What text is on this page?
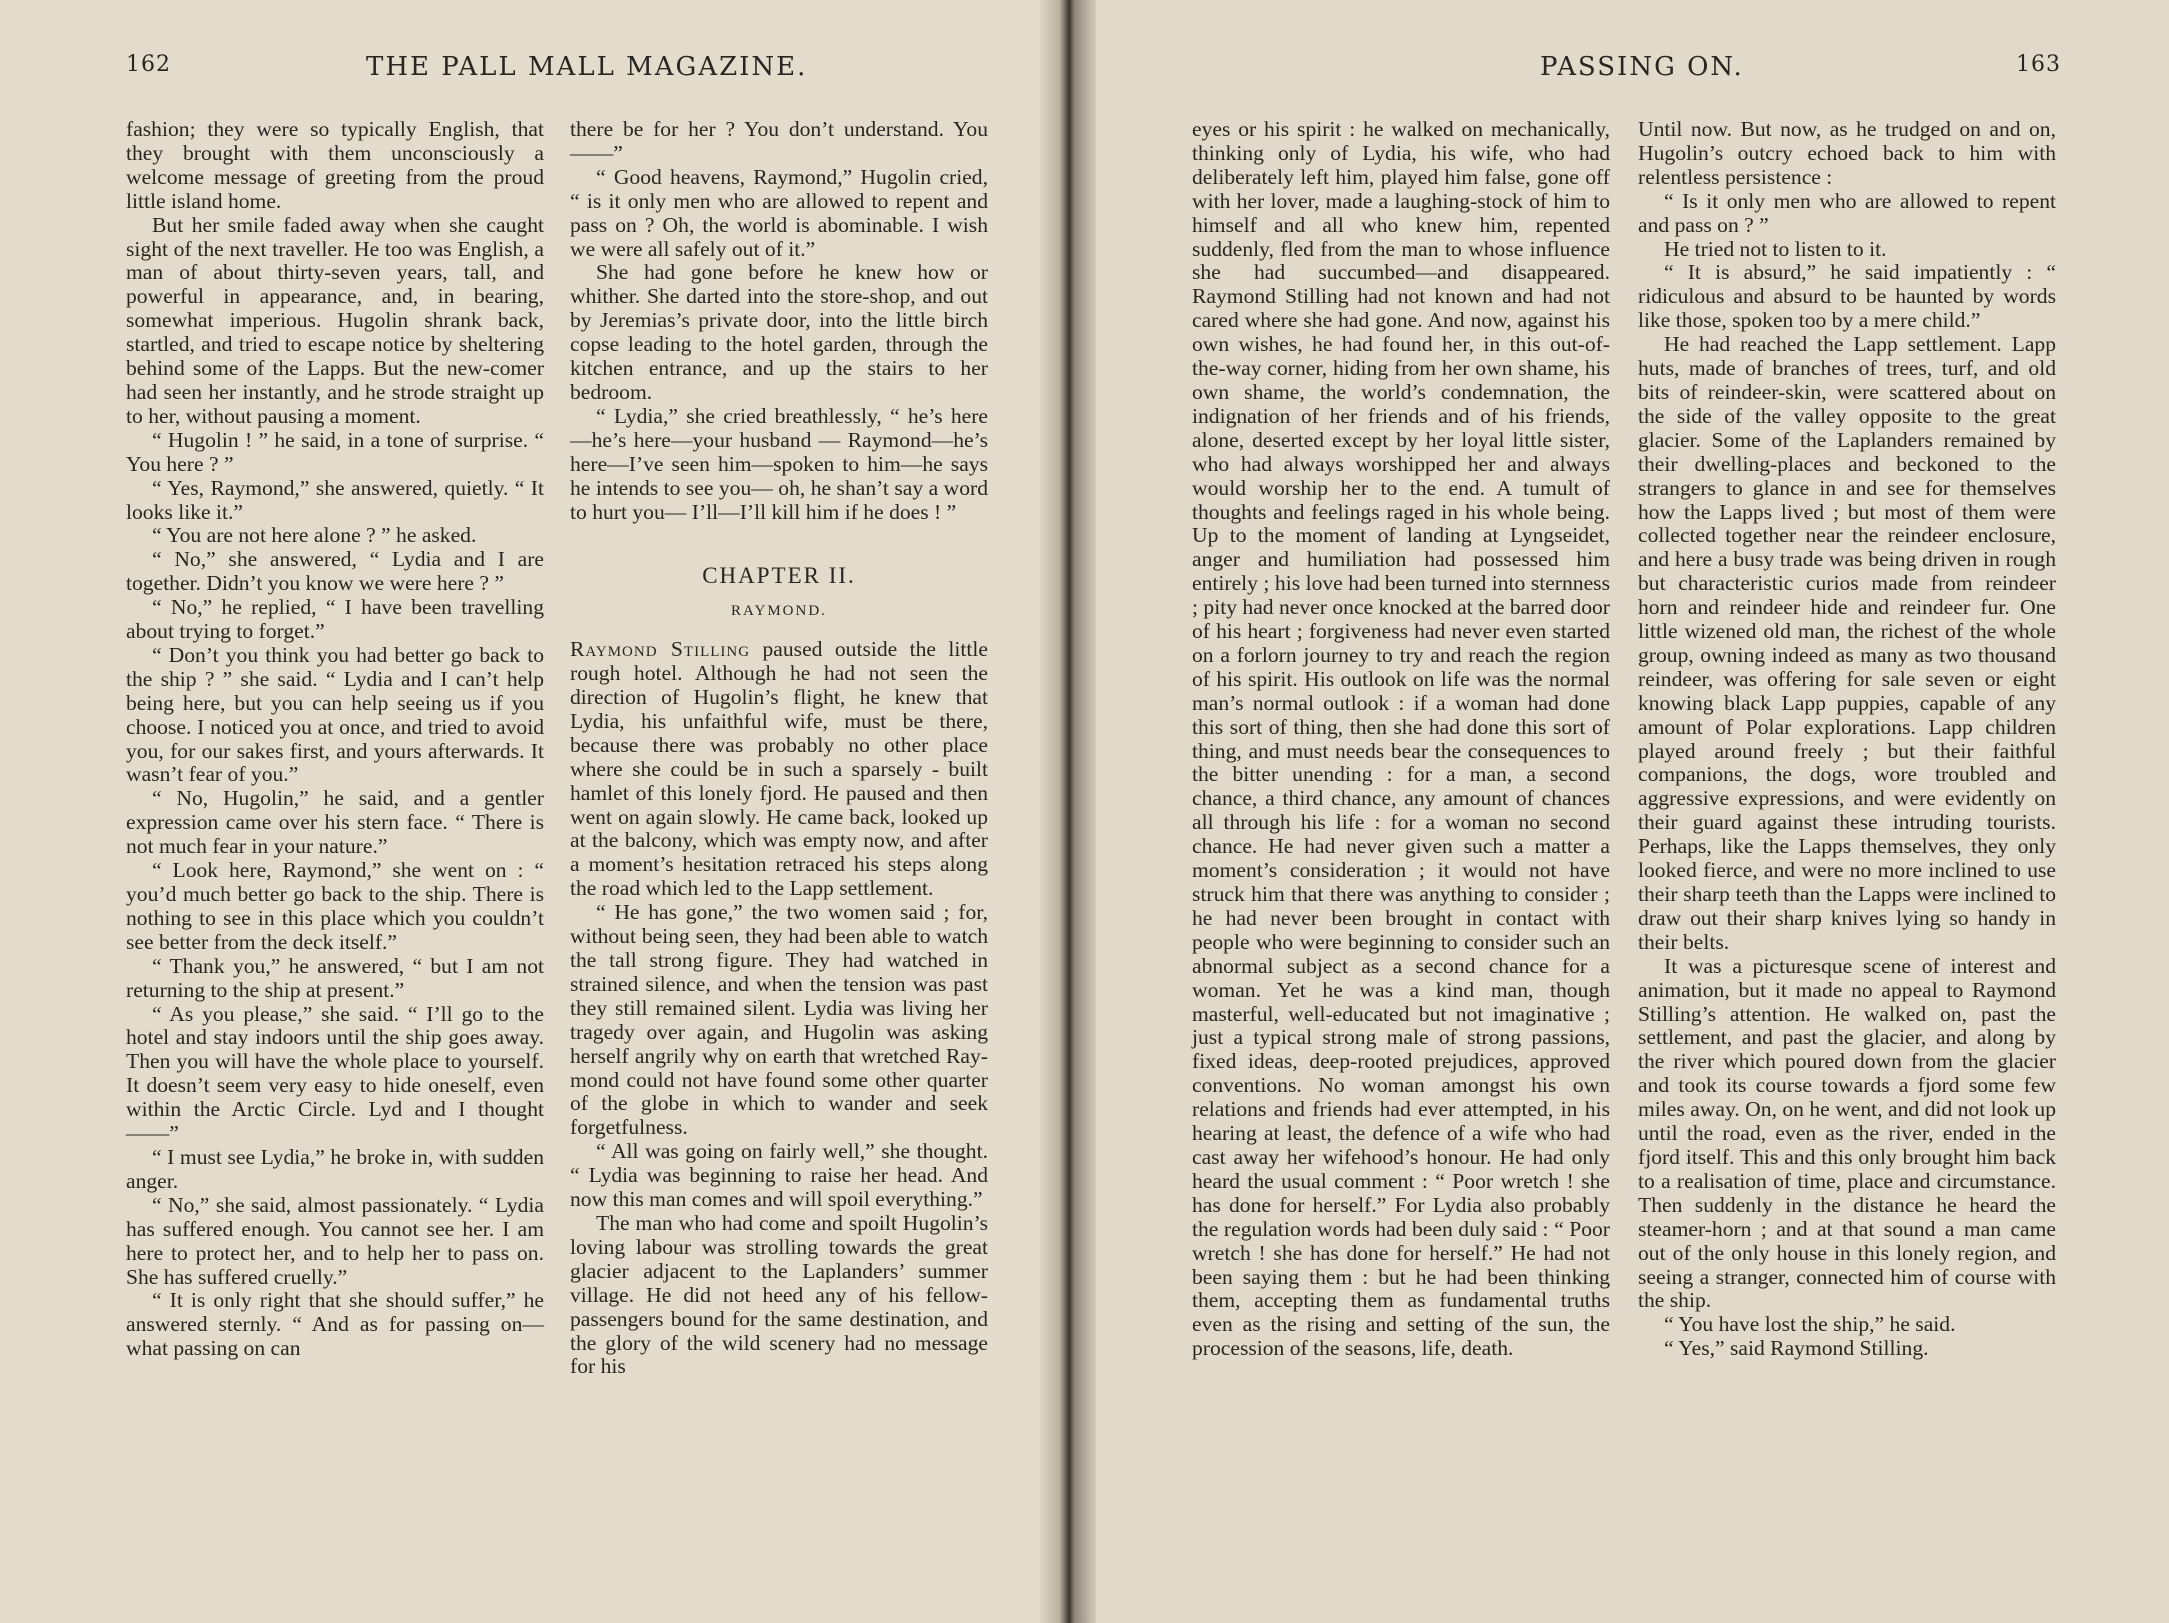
162	THE PALL MALL MAGAZINE.

fashion; they were so typically English, that they brought with them unconsciously a welcome message of greeting from the proud little island home.

But her smile faded away when she caught sight of the next traveller. He too was English, a man of about thirty-seven years, tall, and powerful in appearance, and, in bearing, somewhat imperious. Hugolin shrank back, startled, and tried to escape notice by sheltering behind some of the Lapps. But the new-comer had seen her instantly, and he strode straight up to her, without pausing a moment.

“ Hugolin ! ” he said, in a tone of surprise. “ You here ? ”

“ Yes, Raymond,” she answered, quietly. “ It looks like it.”

“ You are not here alone ? ” he asked.

“ No,” she answered, “ Lydia and I are together. Didn’t you know we were here ? ”

“ No,” he replied, “ I have been travelling about trying to forget.”

“ Don’t you think you had better go back to the ship ? ” she said. “ Lydia and I can’t help being here, but you can help seeing us if you choose. I noticed you at once, and tried to avoid you, for our sakes first, and yours afterwards. It wasn’t fear of you.”

“ No, Hugolin,” he said, and a gentler expression came over his stern face. “ There is not much fear in your nature.”

“ Look here, Raymond,” she went on : “ you’d much better go back to the ship. There is nothing to see in this place which you couldn’t see better from the deck itself.”

“ Thank you,” he answered, “ but I am not returning to the ship at present.”

“ As you please,” she said. “ I’ll go to the hotel and stay indoors until the ship goes away. Then you will have the whole place to yourself. It doesn’t seem very easy to hide oneself, even within the Arctic Circle. Lyd and I thought——”

“ I must see Lydia,” he broke in, with sudden anger.

“ No,” she said, almost passionately. “ Lydia has suffered enough. You cannot see her. I am here to protect her, and to help her to pass on. She has suffered cruelly.”

“ It is only right that she should suffer,” he answered sternly. “ And as for passing on—what passing on can

there be for her ? You don’t understand. You——”

“ Good heavens, Raymond,” Hugolin cried, “ is it only men who are allowed to repent and pass on ? Oh, the world is abominable. I wish we were all safely out of it.”

She had gone before he knew how or whither. She darted into the store-shop, and out by Jeremias’s private door, into the little birch copse leading to the hotel garden, through the kitchen entrance, and up the stairs to her bedroom.

“ Lydia,” she cried breathlessly, “ he’s here—he’s here—your husband — Raymond—he’s here—I’ve seen him—spoken to him—he says he intends to see you— oh, he shan’t say a word to hurt you— I’ll—I’ll kill him if he does ! ”

CHAPTER II.
RAYMOND.

Raymond Stilling paused outside the little rough hotel. Although he had not seen the direction of Hugolin’s flight, he knew that Lydia, his unfaithful wife, must be there, because there was probably no other place where she could be in such a sparsely - built hamlet of this lonely fjord. He paused and then went on again slowly. He came back, looked up at the balcony, which was empty now, and after a moment’s hesitation retraced his steps along the road which led to the Lapp settlement.

“ He has gone,” the two women said ; for, without being seen, they had been able to watch the tall strong figure. They had watched in strained silence, and when the tension was past they still remained silent. Lydia was living her tragedy over again, and Hugolin was asking herself angrily why on earth that wretched Raymond could not have found some other quarter of the globe in which to wander and seek forgetfulness.

“ All was going on fairly well,” she thought. “ Lydia was beginning to raise her head. And now this man comes and will spoil everything.”

The man who had come and spoilt Hugolin’s loving labour was strolling towards the great glacier adjacent to the Laplanders’ summer village. He did not heed any of his fellow-passengers bound for the same destination, and the glory of the wild scenery had no message for his

PASSING ON.	163

eyes or his spirit : he walked on mechanically, thinking only of Lydia, his wife, who had deliberately left him, played him false, gone off with her lover, made a laughing-stock of him to himself and all who knew him, repented suddenly, fled from the man to whose influence she had succumbed—and disappeared. Raymond Stilling had not known and had not cared where she had gone. And now, against his own wishes, he had found her, in this out-of-the-way corner, hiding from her own shame, his own shame, the world’s condemnation, the indignation of her friends and of his friends, alone, deserted except by her loyal little sister, who had always worshipped her and always would worship her to the end. A tumult of thoughts and feelings raged in his whole being. Up to the moment of landing at Lyngseidet, anger and humiliation had possessed him entirely ; his love had been turned into sternness ; pity had never once knocked at the barred door of his heart ; forgiveness had never even started on a forlorn journey to try and reach the region of his spirit. His outlook on life was the normal man’s normal outlook : if a woman had done this sort of thing, then she had done this sort of thing, and must needs bear the consequences to the bitter unending : for a man, a second chance, a third chance, any amount of chances all through his life : for a woman no second chance. He had never given such a matter a moment’s consideration ; it would not have struck him that there was anything to consider ; he had never been brought in contact with people who were beginning to consider such an abnormal subject as a second chance for a woman. Yet he was a kind man, though masterful, well-educated but not imaginative ; just a typical strong male of strong passions, fixed ideas, deep-rooted prejudices, approved conventions. No woman amongst his own relations and friends had ever attempted, in his hearing at least, the defence of a wife who had cast away her wifehood’s honour. He had only heard the usual comment : “ Poor wretch ! she has done for herself.” For Lydia also probably the regulation words had been duly said : “ Poor wretch ! she has done for herself.” He had not been saying them : but he had been thinking them, accepting them as fundamental truths even as the rising and setting of the sun, the procession of the seasons, life, death.

Until now. But now, as he trudged on and on, Hugolin’s outcry echoed back to him with relentless persistence :

“ Is it only men who are allowed to repent and pass on ? ”

He tried not to listen to it.

“ It is absurd,” he said impatiently : “ ridiculous and absurd to be haunted by words like those, spoken too by a mere child.”

He had reached the Lapp settlement. Lapp huts, made of branches of trees, turf, and old bits of reindeer-skin, were scattered about on the side of the valley opposite to the great glacier. Some of the Laplanders remained by their dwelling-places and beckoned to the strangers to glance in and see for themselves how the Lapps lived ; but most of them were collected together near the reindeer enclosure, and here a busy trade was being driven in rough but characteristic curios made from reindeer horn and reindeer hide and reindeer fur. One little wizened old man, the richest of the whole group, owning indeed as many as two thousand reindeer, was offering for sale seven or eight knowing black Lapp puppies, capable of any amount of Polar explorations. Lapp children played around freely ; but their faithful companions, the dogs, wore troubled and aggressive expressions, and were evidently on their guard against these intruding tourists. Perhaps, like the Lapps themselves, they only looked fierce, and were no more inclined to use their sharp teeth than the Lapps were inclined to draw out their sharp knives lying so handy in their belts.

It was a picturesque scene of interest and animation, but it made no appeal to Raymond Stilling’s attention. He walked on, past the settlement, and past the glacier, and along by the river which poured down from the glacier and took its course towards a fjord some few miles away. On, on he went, and did not look up until the road, even as the river, ended in the fjord itself. This and this only brought him back to a realisation of time, place and circumstance. Then suddenly in the distance he heard the steamer-horn ; and at that sound a man came out of the only house in this lonely region, and seeing a stranger, connected him of course with the ship.

“ You have lost the ship,” he said.

“ Yes,” said Raymond Stilling.
